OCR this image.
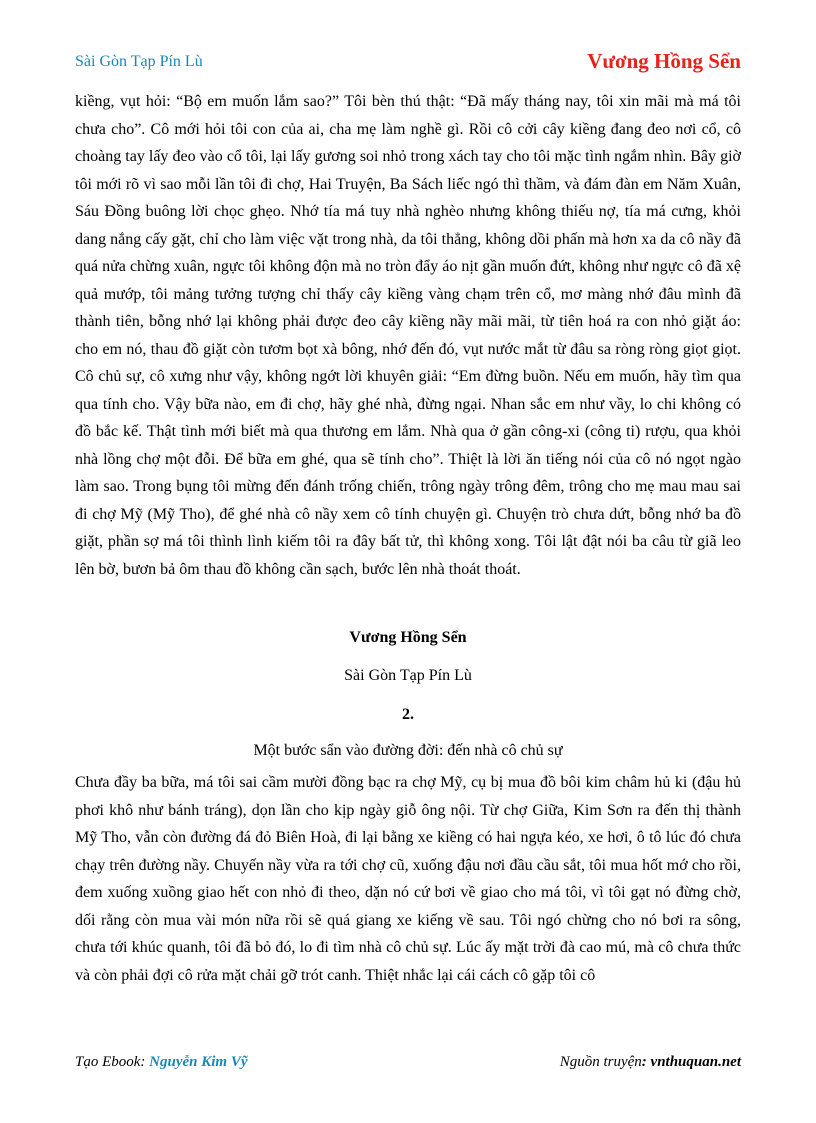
Sài Gòn Tạp Pín Lù	Vương Hồng Sển
kiềng, vụt hỏi: “Bộ em muốn lắm sao?” Tôi bèn thú thật: “Đã mấy tháng nay, tôi xin mãi mà má tôi chưa cho”. Cô mới hỏi tôi con của ai, cha mẹ làm nghề gì. Rồi cô cởi cây kiềng đang đeo nơi cổ, cô choàng tay lấy đeo vào cổ tôi, lại lấy gương soi nhỏ trong xách tay cho tôi mặc tình ngắm nhìn. Bây giờ tôi mới rõ vì sao mỗi lần tôi đi chợ, Hai Truyện, Ba Sách liếc ngó thì thầm, và đám đàn em Năm Xuân, Sáu Đồng buông lời chọc ghẹo. Nhớ tía má tuy nhà nghèo nhưng không thiếu nợ, tía má cưng, khỏi dang nắng cấy gặt, chỉ cho làm việc vặt trong nhà, da tôi thẳng, không dồi phấn mà hơn xa da cô nầy đã quá nửa chừng xuân, ngực tôi không độn mà no tròn đẩy áo nịt gần muốn đứt, không như ngực cô đã xệ quả mướp, tôi mảng tưởng tượng chỉ thấy cây kiềng vàng chạm trên cổ, mơ màng nhớ đâu mình đã thành tiên, bỗng nhớ lại không phải được đeo cây kiềng nầy mãi mãi, từ tiên hoá ra con nhỏ giặt áo: cho em nó, thau đồ giặt còn tươm bọt xà bông, nhớ đến đó, vụt nước mắt từ đâu sa ròng ròng giọt giọt. Cô chủ sự, cô xưng như vậy, không ngớt lời khuyên giải: “Em đừng buồn. Nếu em muốn, hãy tìm qua qua tính cho. Vậy bữa nào, em đi chợ, hãy ghé nhà, đừng ngại. Nhan sắc em như vầy, lo chi không có đồ bắc kế. Thật tình mới biết mà qua thương em lắm. Nhà qua ở gần công-xi (công ti) rượu, qua khỏi nhà lồng chợ một đỗi. Để bữa em ghé, qua sẽ tính cho”. Thiệt là lời ăn tiếng nói của cô nó ngọt ngào làm sao. Trong bụng tôi mừng đến đánh trống chiến, trông ngày trông đêm, trông cho mẹ mau mau sai đi chợ Mỹ (Mỹ Tho), để ghé nhà cô nầy xem cô tính chuyện gì. Chuyện trò chưa dứt, bỗng nhớ ba đồ giặt, phần sợ má tôi thình lình kiếm tôi ra đây bất tử, thì không xong. Tôi lật đật nói ba câu từ giã leo lên bờ, bươn bả ôm thau đồ không cần sạch, bước lên nhà thoát thoát.
Vương Hồng Sển
Sài Gòn Tạp Pín Lù
2.
Một bước sẩn vào đường đời: đến nhà cô chủ sự
Chưa đầy ba bữa, má tôi sai cầm mười đồng bạc ra chợ Mỹ, cụ bị mua đồ bôi kim châm hủ ki (đậu hủ phơi khô như bánh tráng), dọn lần cho kịp ngày giỗ ông nội. Từ chợ Giữa, Kim Sơn ra đến thị thành Mỹ Tho, vẫn còn đường đá đỏ Biên Hoà, đi lại bằng xe kiềng có hai ngựa kéo, xe hơi, ô tô lúc đó chưa chạy trên đường nầy. Chuyến nầy vừa ra tới chợ cũ, xuống đậu nơi đầu cầu sắt, tôi mua hốt mớ cho rồi, đem xuống xuồng giao hết con nhỏ đi theo, dặn nó cứ bơi về giao cho má tôi, vì tôi gạt nó đừng chờ, dối rằng còn mua vài món nữa rồi sẽ quá giang xe kiếng về sau. Tôi ngó chừng cho nó bơi ra sông, chưa tới khúc quanh, tôi đã bỏ đó, lo đi tìm nhà cô chủ sự. Lúc ấy mặt trời đà cao mú, mà cô chưa thức và còn phải đợi cô rửa mặt chải gỡ trót canh. Thiệt nhắc lại cái cách cô gặp tôi cô
Tạo Ebook: Nguyễn Kim Vỹ	Nguồn truyện: vnthuquan.net
